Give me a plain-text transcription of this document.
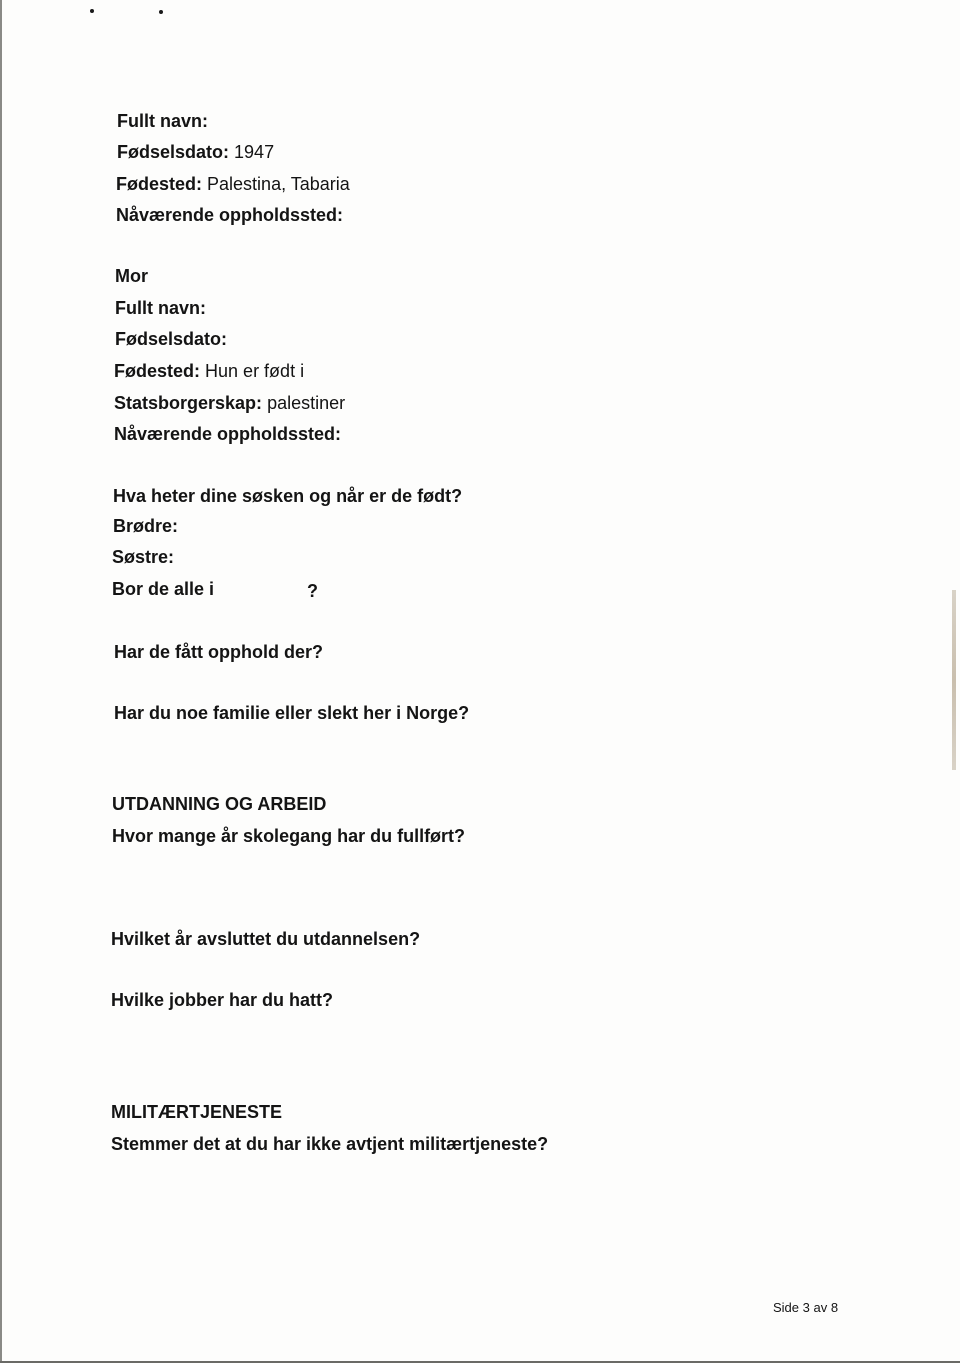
Fullt navn:
Fødselsdato: 1947
Fødested: Palestina, Tabaria
Nåværende oppholdssted:
Mor
Fullt navn:
Fødselsdato:
Fødested: Hun er født i
Statsborgerskap: palestiner
Nåværende oppholdssted:
Hva heter dine søsken og når er de født?
Brødre:
Søstre:
Bor de alle i	?
Har de fått opphold der?
Har du noe familie eller slekt her i Norge?
UTDANNING OG ARBEID
Hvor mange år skolegang har du fullført?
Hvilket år avsluttet du utdannelsen?
Hvilke jobber har du hatt?
MILITÆRTJENESTE
Stemmer det at du har ikke avtjent militærtjeneste?
Side 3 av 8
